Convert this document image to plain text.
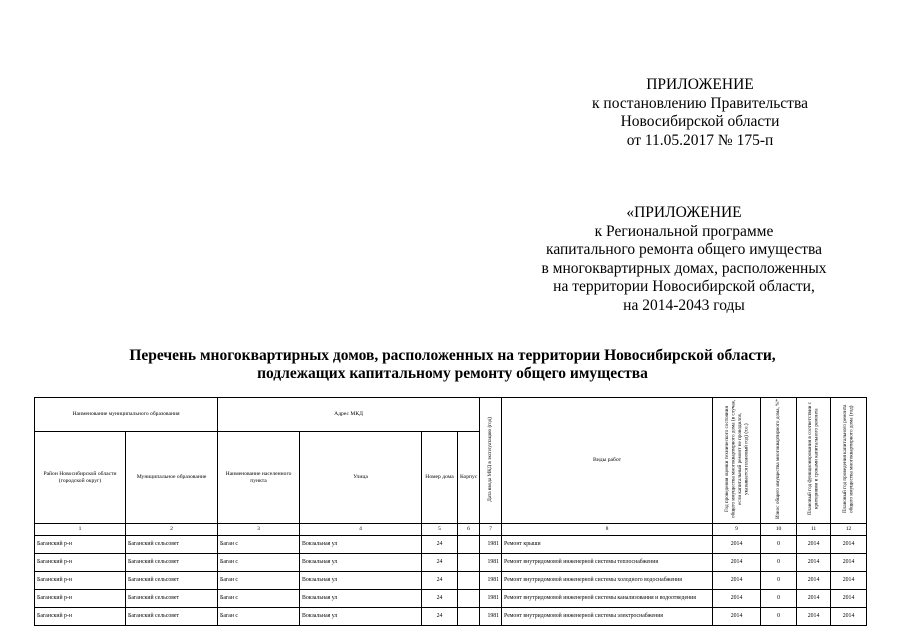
ПРИЛОЖЕНИЕ
к постановлению Правительства
Новосибирской области
от 11.05.2017 № 175-п
«ПРИЛОЖЕНИЕ
к Региональной программе
капитального ремонта общего имущества
в многоквартирных домах, расположенных
на территории Новосибирской области,
на 2014-2043 годы
Перечень многоквартирных домов, расположенных на территории Новосибирской области,
подлежащих капитальному ремонту общего имущества
Наименование муниципального образования		Адрес МКД				Дата ввода МКД в эксплуатацию (год)	Виды работ	Год проведения оценки технического состояния общего имущества многоквартирного дома (в случае, если капитальный ремонт не проводился, указывается плановый год) (т.е.)	Износ общего имущества многоквартирного дома, %*	Плановый год функционирования в соответствии с критериями и сроками капитального ремонта	Плановый год проведения капитального ремонта общего имущества многоквартирного дома (год)
Район Новосибирской области (городской округ)	Муниципальное образование	Наименование населенного пункта	Улица	Номер дома	Корпус						
1	2	3	4	5	6	7	8	9	10	11	12
Баганский р-н	Баганский сельсовет	Баган с	Вокзальная ул	24		1981	Ремонт крыши	2014	0	2014	2014
Баганский р-н	Баганский сельсовет	Баган с	Вокзальная ул	24		1981	Ремонт внутридомовой инженерной системы теплоснабжения	2014	0	2014	2014
Баганский р-н	Баганский сельсовет	Баган с	Вокзальная ул	24		1981	Ремонт внутридомовой инженерной системы холодного водоснабжения	2014	0	2014	2014
Баганский р-н	Баганский сельсовет	Баган с	Вокзальная ул	24		1981	Ремонт внутридомовой инженерной системы канализования и водоотведения	2014	0	2014	2014
Баганский р-н	Баганский сельсовет	Баган с	Вокзальная ул	24		1981	Ремонт внутридомовой инженерной системы электроснабжения	2014	0	2014	2014
